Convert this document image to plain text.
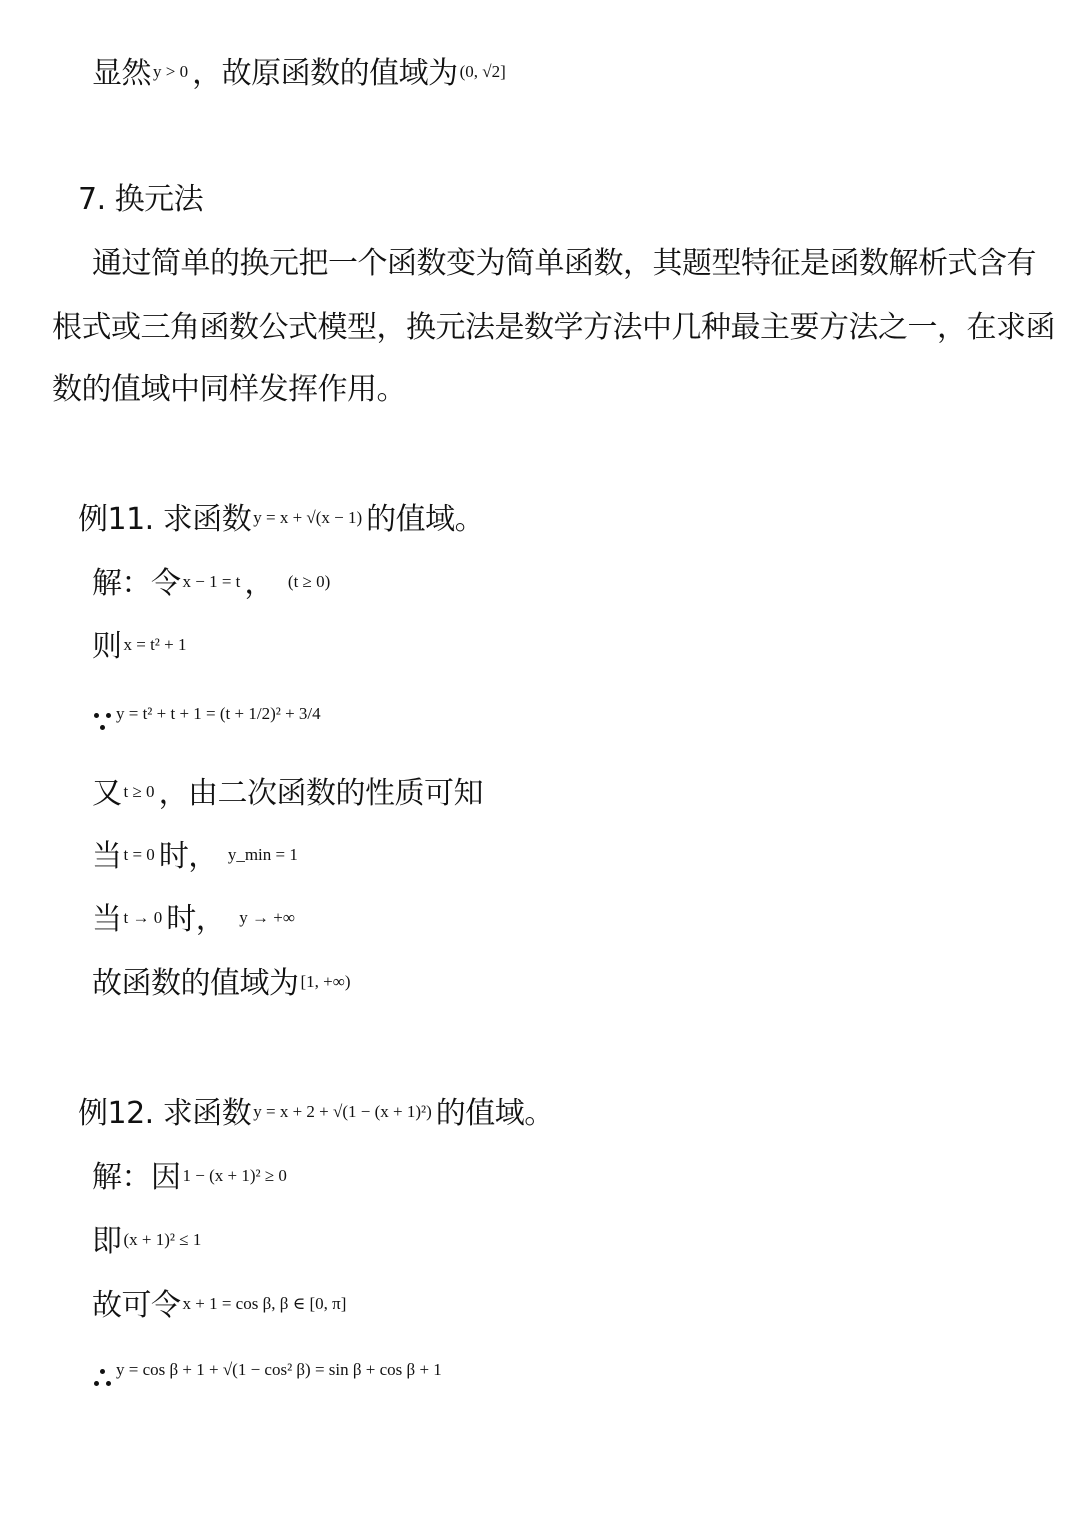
显然 $^{y > 0}$ ，故原函数的值域为 $^{(0, √2]}$
7. 换元法
通过简单的换元把一个函数变为简单函数，其题型特征是函数解析式含有
根式或三角函数公式模型，换元法是数学方法中几种最主要方法之一，在求函
数的值域中同样发挥作用。
例11. 求函数 $^{y = x + √(x - 1)}$ 的值域。
解：令 $^{x - 1 = t}$ ， $^{(t \ge 0)}$
则 $^{x = t^2 + 1}$
$^{y = t^2 + t + 1 = (t + 1/2)^2 + 3/4}$
又 $^{t \ge 0}$ ，由二次函数的性质可知
当 $^{t = 0}$ 时， $^{y\_min = 1}$
当 $^{t \to 0}$ 时， $^{y \to +\infty}$
故函数的值域为 $^{[1, +\infty)}$
例12. 求函数 $^{y = x + 2 + √(1 - (x + 1)^2)}$ 的值域。
解：因 $^{1 - (x + 1)^2 \ge 0}$
即 $^{(x + 1)^2 \le 1}$
故可令 $^{x + 1 = cos \beta, \beta \in [0, \pi]}$
$^{y = cos \beta + 1 + √(1 - cos^2 \beta) = sin \beta + cos \beta + 1}$
